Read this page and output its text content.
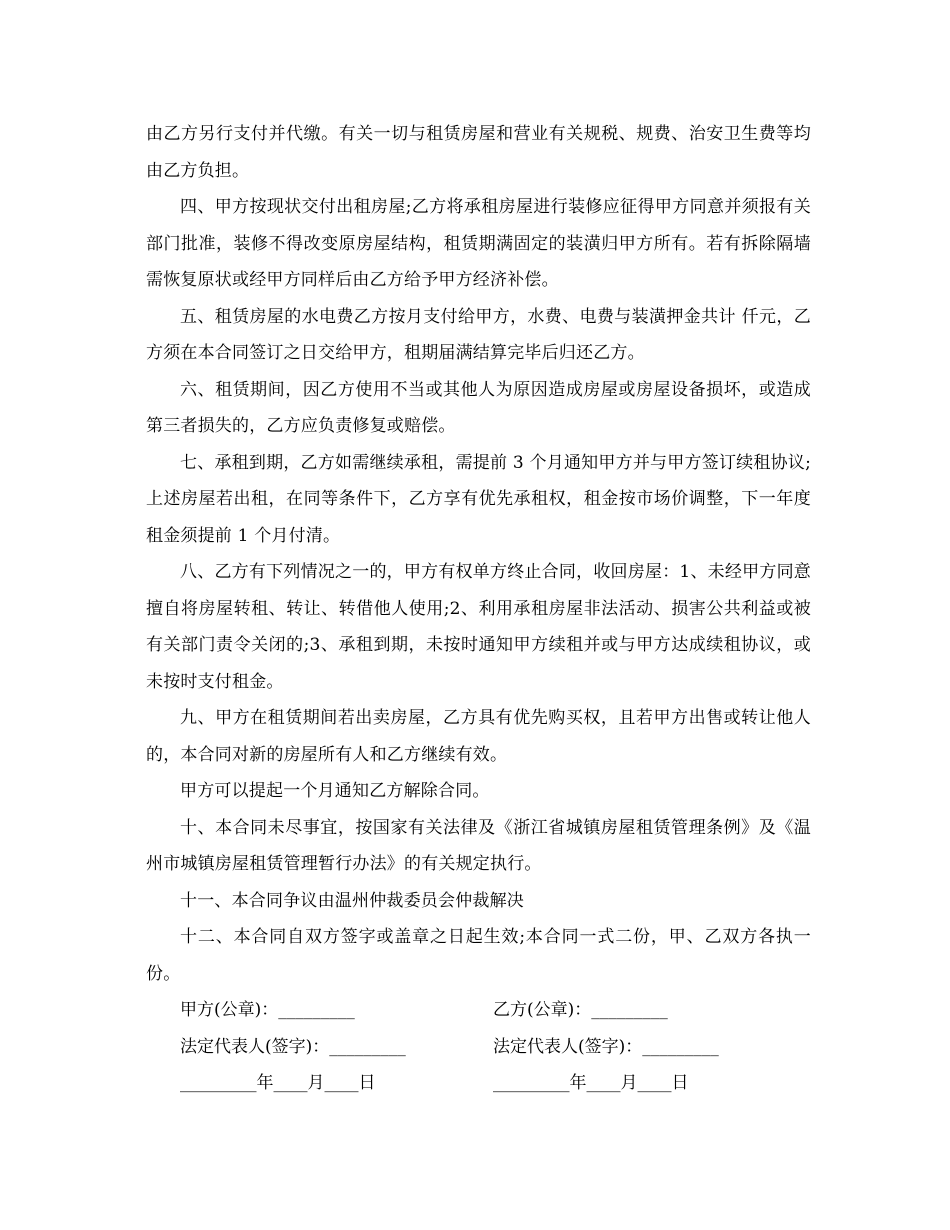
由乙方另行支付并代缴。有关一切与租赁房屋和营业有关规税、规费、治安卫生费等均由乙方负担。

四、甲方按现状交付出租房屋;乙方将承租房屋进行装修应征得甲方同意并须报有关部门批准，装修不得改变原房屋结构，租赁期满固定的装潢归甲方所有。若有拆除隔墙需恢复原状或经甲方同样后由乙方给予甲方经济补偿。

五、租赁房屋的水电费乙方按月支付给甲方，水费、电费与装潢押金共计 仟元，乙方须在本合同签订之日交给甲方，租期届满结算完毕后归还乙方。

六、租赁期间，因乙方使用不当或其他人为原因造成房屋或房屋设备损坏，或造成第三者损失的，乙方应负责修复或赔偿。

七、承租到期，乙方如需继续承租，需提前 3 个月通知甲方并与甲方签订续租协议;上述房屋若出租，在同等条件下，乙方享有优先承租权，租金按市场价调整，下一年度租金须提前 1 个月付清。

八、乙方有下列情况之一的，甲方有权单方终止合同，收回房屋：1、未经甲方同意擅自将房屋转租、转让、转借他人使用;2、利用承租房屋非法活动、损害公共利益或被有关部门责令关闭的;3、承租到期，未按时通知甲方续租并或与甲方达成续租协议，或未按时支付租金。

九、甲方在租赁期间若出卖房屋，乙方具有优先购买权，且若甲方出售或转让他人的，本合同对新的房屋所有人和乙方继续有效。

甲方可以提起一个月通知乙方解除合同。

十、本合同未尽事宜，按国家有关法律及《浙江省城镇房屋租赁管理条例》及《温州市城镇房屋租赁管理暂行办法》的有关规定执行。

十一、本合同争议由温州仲裁委员会仲裁解决

十二、本合同自双方签字或盖章之日起生效;本合同一式二份，甲、乙双方各执一份。

甲方(公章)：_________	乙方(公章)：_________
法定代表人(签字)：_________	法定代表人(签字)：_________
_________年____月____日	_________年____月____日
